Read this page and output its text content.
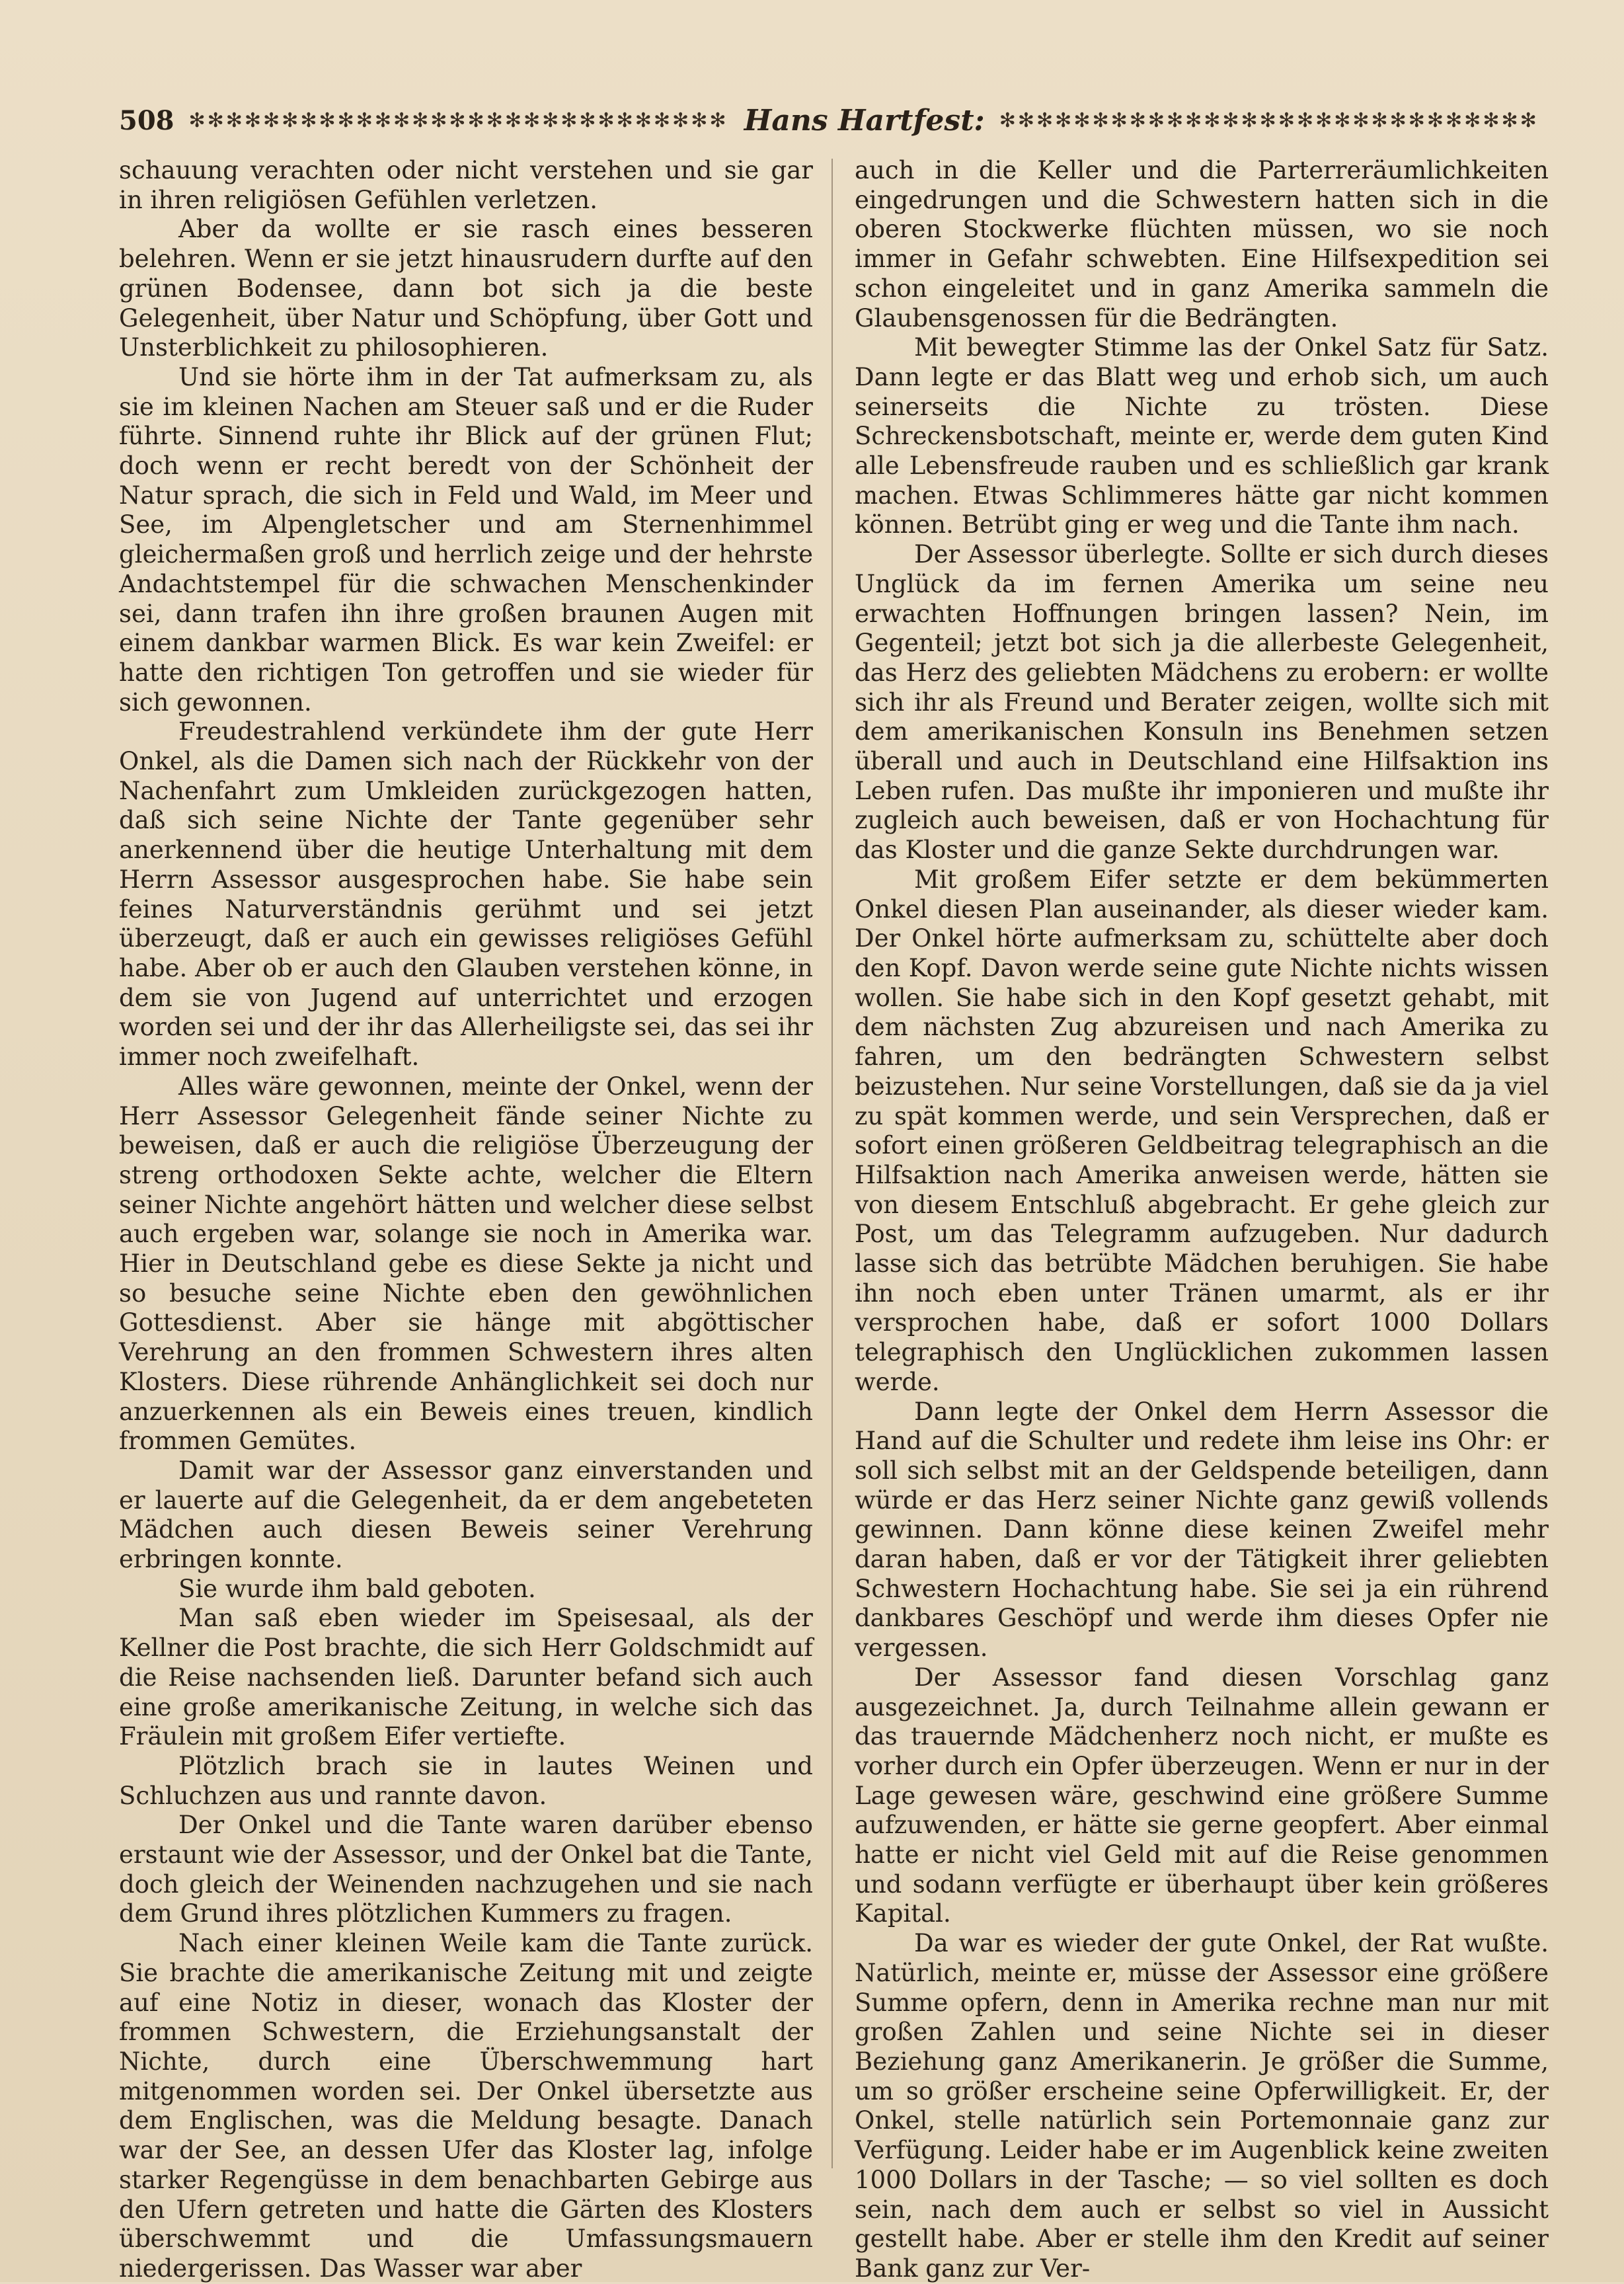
508 ✻✻✻✻✻✻✻✻✻✻✻✻✻✻✻✻✻✻✻✻✻✻✻✻✻✻✻✻✻ Hans Hartfest: ✻✻✻✻✻✻✻✻✻✻✻✻✻✻✻✻✻✻✻✻✻✻✻✻✻✻✻✻✻

schauung verachten oder nicht verstehen und sie gar in ihren religiösen Gefühlen verletzen.

Aber da wollte er sie rasch eines besseren belehren. Wenn er sie jetzt hinausrudern durfte auf den grünen Bodensee, dann bot sich ja die beste Gelegenheit, über Natur und Schöpfung, über Gott und Unsterblichkeit zu philosophieren.

Und sie hörte ihm in der Tat aufmerksam zu, als sie im kleinen Nachen am Steuer saß und er die Ruder führte. Sinnend ruhte ihr Blick auf der grünen Flut; doch wenn er recht beredt von der Schönheit der Natur sprach, die sich in Feld und Wald, im Meer und See, im Alpengletscher und am Sternenhimmel gleichermaßen groß und herrlich zeige und der hehrste Andachtstempel für die schwachen Menschenkinder sei, dann trafen ihn ihre großen braunen Augen mit einem dankbar warmen Blick. Es war kein Zweifel: er hatte den richtigen Ton getroffen und sie wieder für sich gewonnen.

Freudestrahlend verkündete ihm der gute Herr Onkel, als die Damen sich nach der Rückkehr von der Nachenfahrt zum Umkleiden zurückgezogen hatten, daß sich seine Nichte der Tante gegenüber sehr anerkennend über die heutige Unterhaltung mit dem Herrn Assessor ausgesprochen habe. Sie habe sein feines Naturverständnis gerühmt und sei jetzt überzeugt, daß er auch ein gewisses religiöses Gefühl habe. Aber ob er auch den Glauben verstehen könne, in dem sie von Jugend auf unterrichtet und erzogen worden sei und der ihr das Allerheiligste sei, das sei ihr immer noch zweifelhaft.

Alles wäre gewonnen, meinte der Onkel, wenn der Herr Assessor Gelegenheit fände seiner Nichte zu beweisen, daß er auch die religiöse Überzeugung der streng orthodoxen Sekte achte, welcher die Eltern seiner Nichte angehört hätten und welcher diese selbst auch ergeben war, solange sie noch in Amerika war. Hier in Deutschland gebe es diese Sekte ja nicht und so besuche seine Nichte eben den gewöhnlichen Gottesdienst. Aber sie hänge mit abgöttischer Verehrung an den frommen Schwestern ihres alten Klosters. Diese rührende Anhänglichkeit sei doch nur anzuerkennen als ein Beweis eines treuen, kindlich frommen Gemütes.

Damit war der Assessor ganz einverstanden und er lauerte auf die Gelegenheit, da er dem angebeteten Mädchen auch diesen Beweis seiner Verehrung erbringen konnte.

Sie wurde ihm bald geboten.

Man saß eben wieder im Speisesaal, als der Kellner die Post brachte, die sich Herr Goldschmidt auf die Reise nachsenden ließ. Darunter befand sich auch eine große amerikanische Zeitung, in welche sich das Fräulein mit großem Eifer vertiefte.

Plötzlich brach sie in lautes Weinen und Schluchzen aus und rannte davon.

Der Onkel und die Tante waren darüber ebenso erstaunt wie der Assessor, und der Onkel bat die Tante, doch gleich der Weinenden nachzugehen und sie nach dem Grund ihres plötzlichen Kummers zu fragen.

Nach einer kleinen Weile kam die Tante zurück. Sie brachte die amerikanische Zeitung mit und zeigte auf eine Notiz in dieser, wonach das Kloster der frommen Schwestern, die Erziehungsanstalt der Nichte, durch eine Überschwemmung hart mitgenommen worden sei. Der Onkel übersetzte aus dem Englischen, was die Meldung besagte. Danach war der See, an dessen Ufer das Kloster lag, infolge starker Regengüsse in dem benachbarten Gebirge aus den Ufern getreten und hatte die Gärten des Klosters überschwemmt und die Umfassungsmauern niedergerissen. Das Wasser war aber

auch in die Keller und die Parterreräumlichkeiten eingedrungen und die Schwestern hatten sich in die oberen Stockwerke flüchten müssen, wo sie noch immer in Gefahr schwebten. Eine Hilfsexpedition sei schon eingeleitet und in ganz Amerika sammeln die Glaubensgenossen für die Bedrängten.

Mit bewegter Stimme las der Onkel Satz für Satz. Dann legte er das Blatt weg und erhob sich, um auch seinerseits die Nichte zu trösten. Diese Schreckensbotschaft, meinte er, werde dem guten Kind alle Lebensfreude rauben und es schließlich gar krank machen. Etwas Schlimmeres hätte gar nicht kommen können. Betrübt ging er weg und die Tante ihm nach.

Der Assessor überlegte. Sollte er sich durch dieses Unglück da im fernen Amerika um seine neu erwachten Hoffnungen bringen lassen? Nein, im Gegenteil; jetzt bot sich ja die allerbeste Gelegenheit, das Herz des geliebten Mädchens zu erobern: er wollte sich ihr als Freund und Berater zeigen, wollte sich mit dem amerikanischen Konsuln ins Benehmen setzen überall und auch in Deutschland eine Hilfsaktion ins Leben rufen. Das mußte ihr imponieren und mußte ihr zugleich auch beweisen, daß er von Hochachtung für das Kloster und die ganze Sekte durchdrungen war.

Mit großem Eifer setzte er dem bekümmerten Onkel diesen Plan auseinander, als dieser wieder kam. Der Onkel hörte aufmerksam zu, schüttelte aber doch den Kopf. Davon werde seine gute Nichte nichts wissen wollen. Sie habe sich in den Kopf gesetzt gehabt, mit dem nächsten Zug abzureisen und nach Amerika zu fahren, um den bedrängten Schwestern selbst beizustehen. Nur seine Vorstellungen, daß sie da ja viel zu spät kommen werde, und sein Versprechen, daß er sofort einen größeren Geldbeitrag telegraphisch an die Hilfsaktion nach Amerika anweisen werde, hätten sie von diesem Entschluß abgebracht. Er gehe gleich zur Post, um das Telegramm aufzugeben. Nur dadurch lasse sich das betrübte Mädchen beruhigen. Sie habe ihn noch eben unter Tränen umarmt, als er ihr versprochen habe, daß er sofort 1000 Dollars telegraphisch den Unglücklichen zukommen lassen werde.

Dann legte der Onkel dem Herrn Assessor die Hand auf die Schulter und redete ihm leise ins Ohr: er soll sich selbst mit an der Geldspende beteiligen, dann würde er das Herz seiner Nichte ganz gewiß vollends gewinnen. Dann könne diese keinen Zweifel mehr daran haben, daß er vor der Tätigkeit ihrer geliebten Schwestern Hochachtung habe. Sie sei ja ein rührend dankbares Geschöpf und werde ihm dieses Opfer nie vergessen.

Der Assessor fand diesen Vorschlag ganz ausgezeichnet. Ja, durch Teilnahme allein gewann er das trauernde Mädchenherz noch nicht, er mußte es vorher durch ein Opfer überzeugen. Wenn er nur in der Lage gewesen wäre, geschwind eine größere Summe aufzuwenden, er hätte sie gerne geopfert. Aber einmal hatte er nicht viel Geld mit auf die Reise genommen und sodann verfügte er überhaupt über kein größeres Kapital.

Da war es wieder der gute Onkel, der Rat wußte. Natürlich, meinte er, müsse der Assessor eine größere Summe opfern, denn in Amerika rechne man nur mit großen Zahlen und seine Nichte sei in dieser Beziehung ganz Amerikanerin. Je größer die Summe, um so größer erscheine seine Opferwilligkeit. Er, der Onkel, stelle natürlich sein Portemonnaie ganz zur Verfügung. Leider habe er im Augenblick keine zweiten 1000 Dollars in der Tasche; — so viel sollten es doch sein, nach dem auch er selbst so viel in Aussicht gestellt habe. Aber er stelle ihm den Kredit auf seiner Bank ganz zur Ver-
